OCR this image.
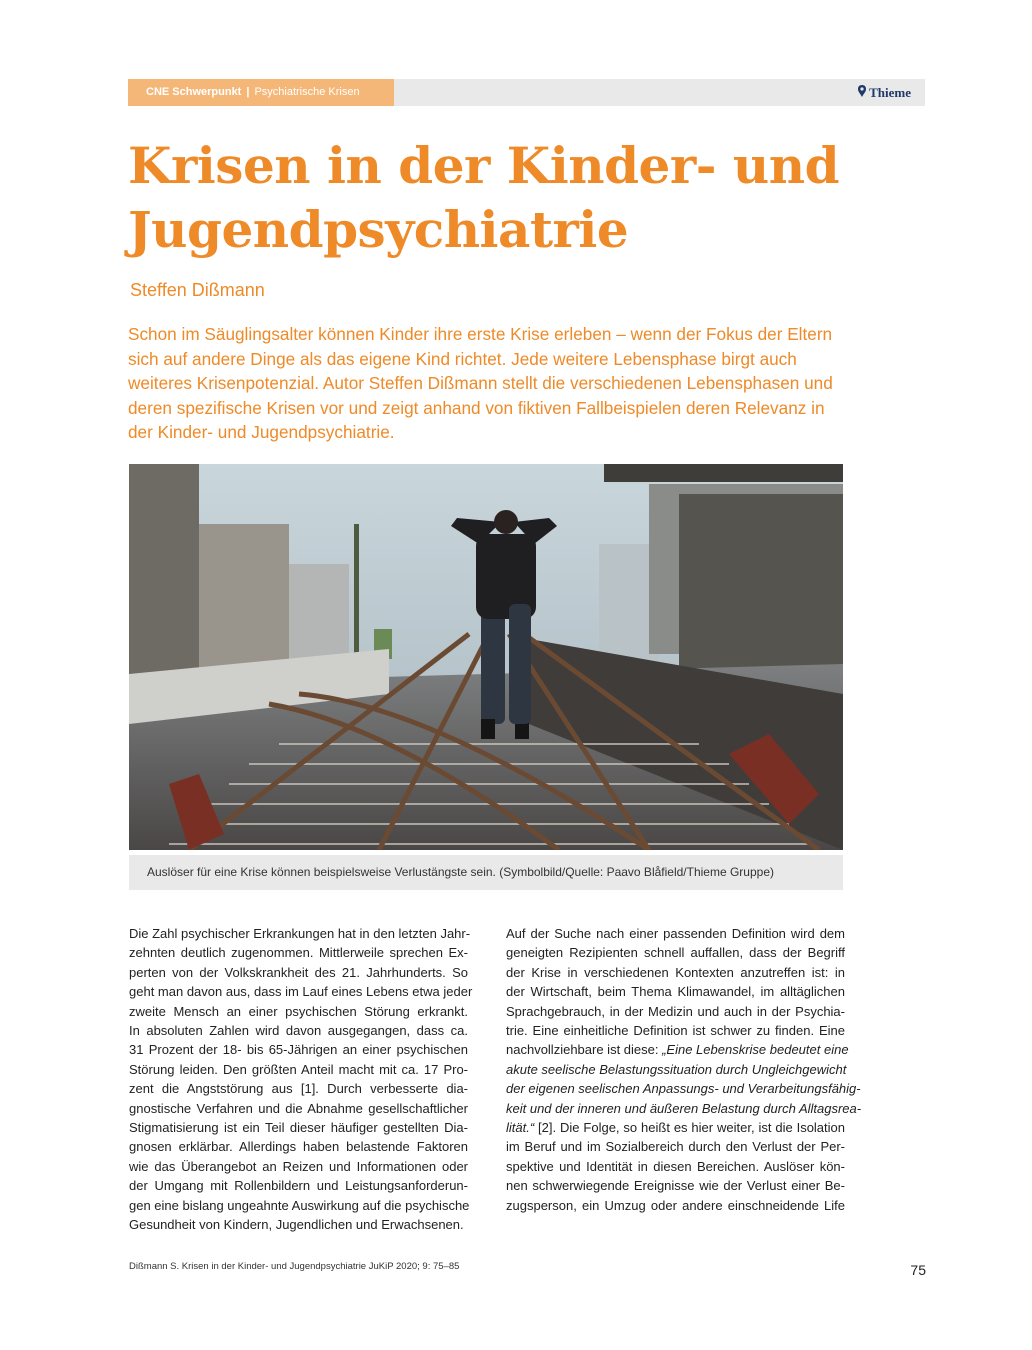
CNE Schwerpunkt | Psychiatrische Krisen	Thieme
Krisen in der Kinder- und
Jugendpsychiatrie
Steffen Dißmann

Schon im Säuglingsalter können Kinder ihre erste Krise erleben – wenn der Fokus der Eltern sich auf andere Dinge als das eigene Kind richtet. Jede weitere Lebensphase birgt auch weiteres Krisenpotenzial. Autor Steffen Dißmann stellt die verschiedenen Lebensphasen und deren spezifische Krisen vor und zeigt anhand von fiktiven Fallbeispielen deren Relevanz in der Kinder- und Jugendpsychiatrie.

Auslöser für eine Krise können beispielsweise Verlustängste sein. (Symbolbild/Quelle: Paavo Blåfield/Thieme Gruppe)
Die Zahl psychischer Erkrankungen hat in den letzten Jahr-
zehnten deutlich zugenommen. Mittlerweile sprechen Ex-
perten von der Volkskrankheit des 21. Jahrhunderts. So
geht man davon aus, dass im Lauf eines Lebens etwa jeder
zweite Mensch an einer psychischen Störung erkrankt.
In absoluten Zahlen wird davon ausgegangen, dass ca.
31 Prozent der 18- bis 65-Jährigen an einer psychischen
Störung leiden. Den größten Anteil macht mit ca. 17 Pro-
zent die Angststörung aus [1]. Durch verbesserte dia-
gnostische Verfahren und die Abnahme gesellschaftlicher
Stigmatisierung ist ein Teil dieser häufiger gestellten Dia-
gnosen erklärbar. Allerdings haben belastende Faktoren
wie das Überangebot an Reizen und Informationen oder
der Umgang mit Rollenbildern und Leistungsanforderun-
gen eine bislang ungeahnte Auswirkung auf die psychische
Gesundheit von Kindern, Jugendlichen und Erwachsenen.
Auf der Suche nach einer passenden Definition wird dem
geneigten Rezipienten schnell auffallen, dass der Begriff
der Krise in verschiedenen Kontexten anzutreffen ist: in
der Wirtschaft, beim Thema Klimawandel, im alltäglichen
Sprachgebrauch, in der Medizin und auch in der Psychia-
trie. Eine einheitliche Definition ist schwer zu finden. Eine
nachvollziehbare ist diese: „Eine Lebenskrise bedeutet eine
akute seelische Belastungssituation durch Ungleichgewicht
der eigenen seelischen Anpassungs- und Verarbeitungsfähig-
keit und der inneren und äußeren Belastung durch Alltagsrea-
lität.“ [2]. Die Folge, so heißt es hier weiter, ist die Isolation
im Beruf und im Sozialbereich durch den Verlust der Per-
spektive und Identität in diesen Bereichen. Auslöser kön-
nen schwerwiegende Ereignisse wie der Verlust einer Be-
zugsperson, ein Umzug oder andere einschneidende Life
Dißmann S. Krisen in der Kinder- und Jugendpsychiatrie JuKiP 2020; 9: 75–85	75
